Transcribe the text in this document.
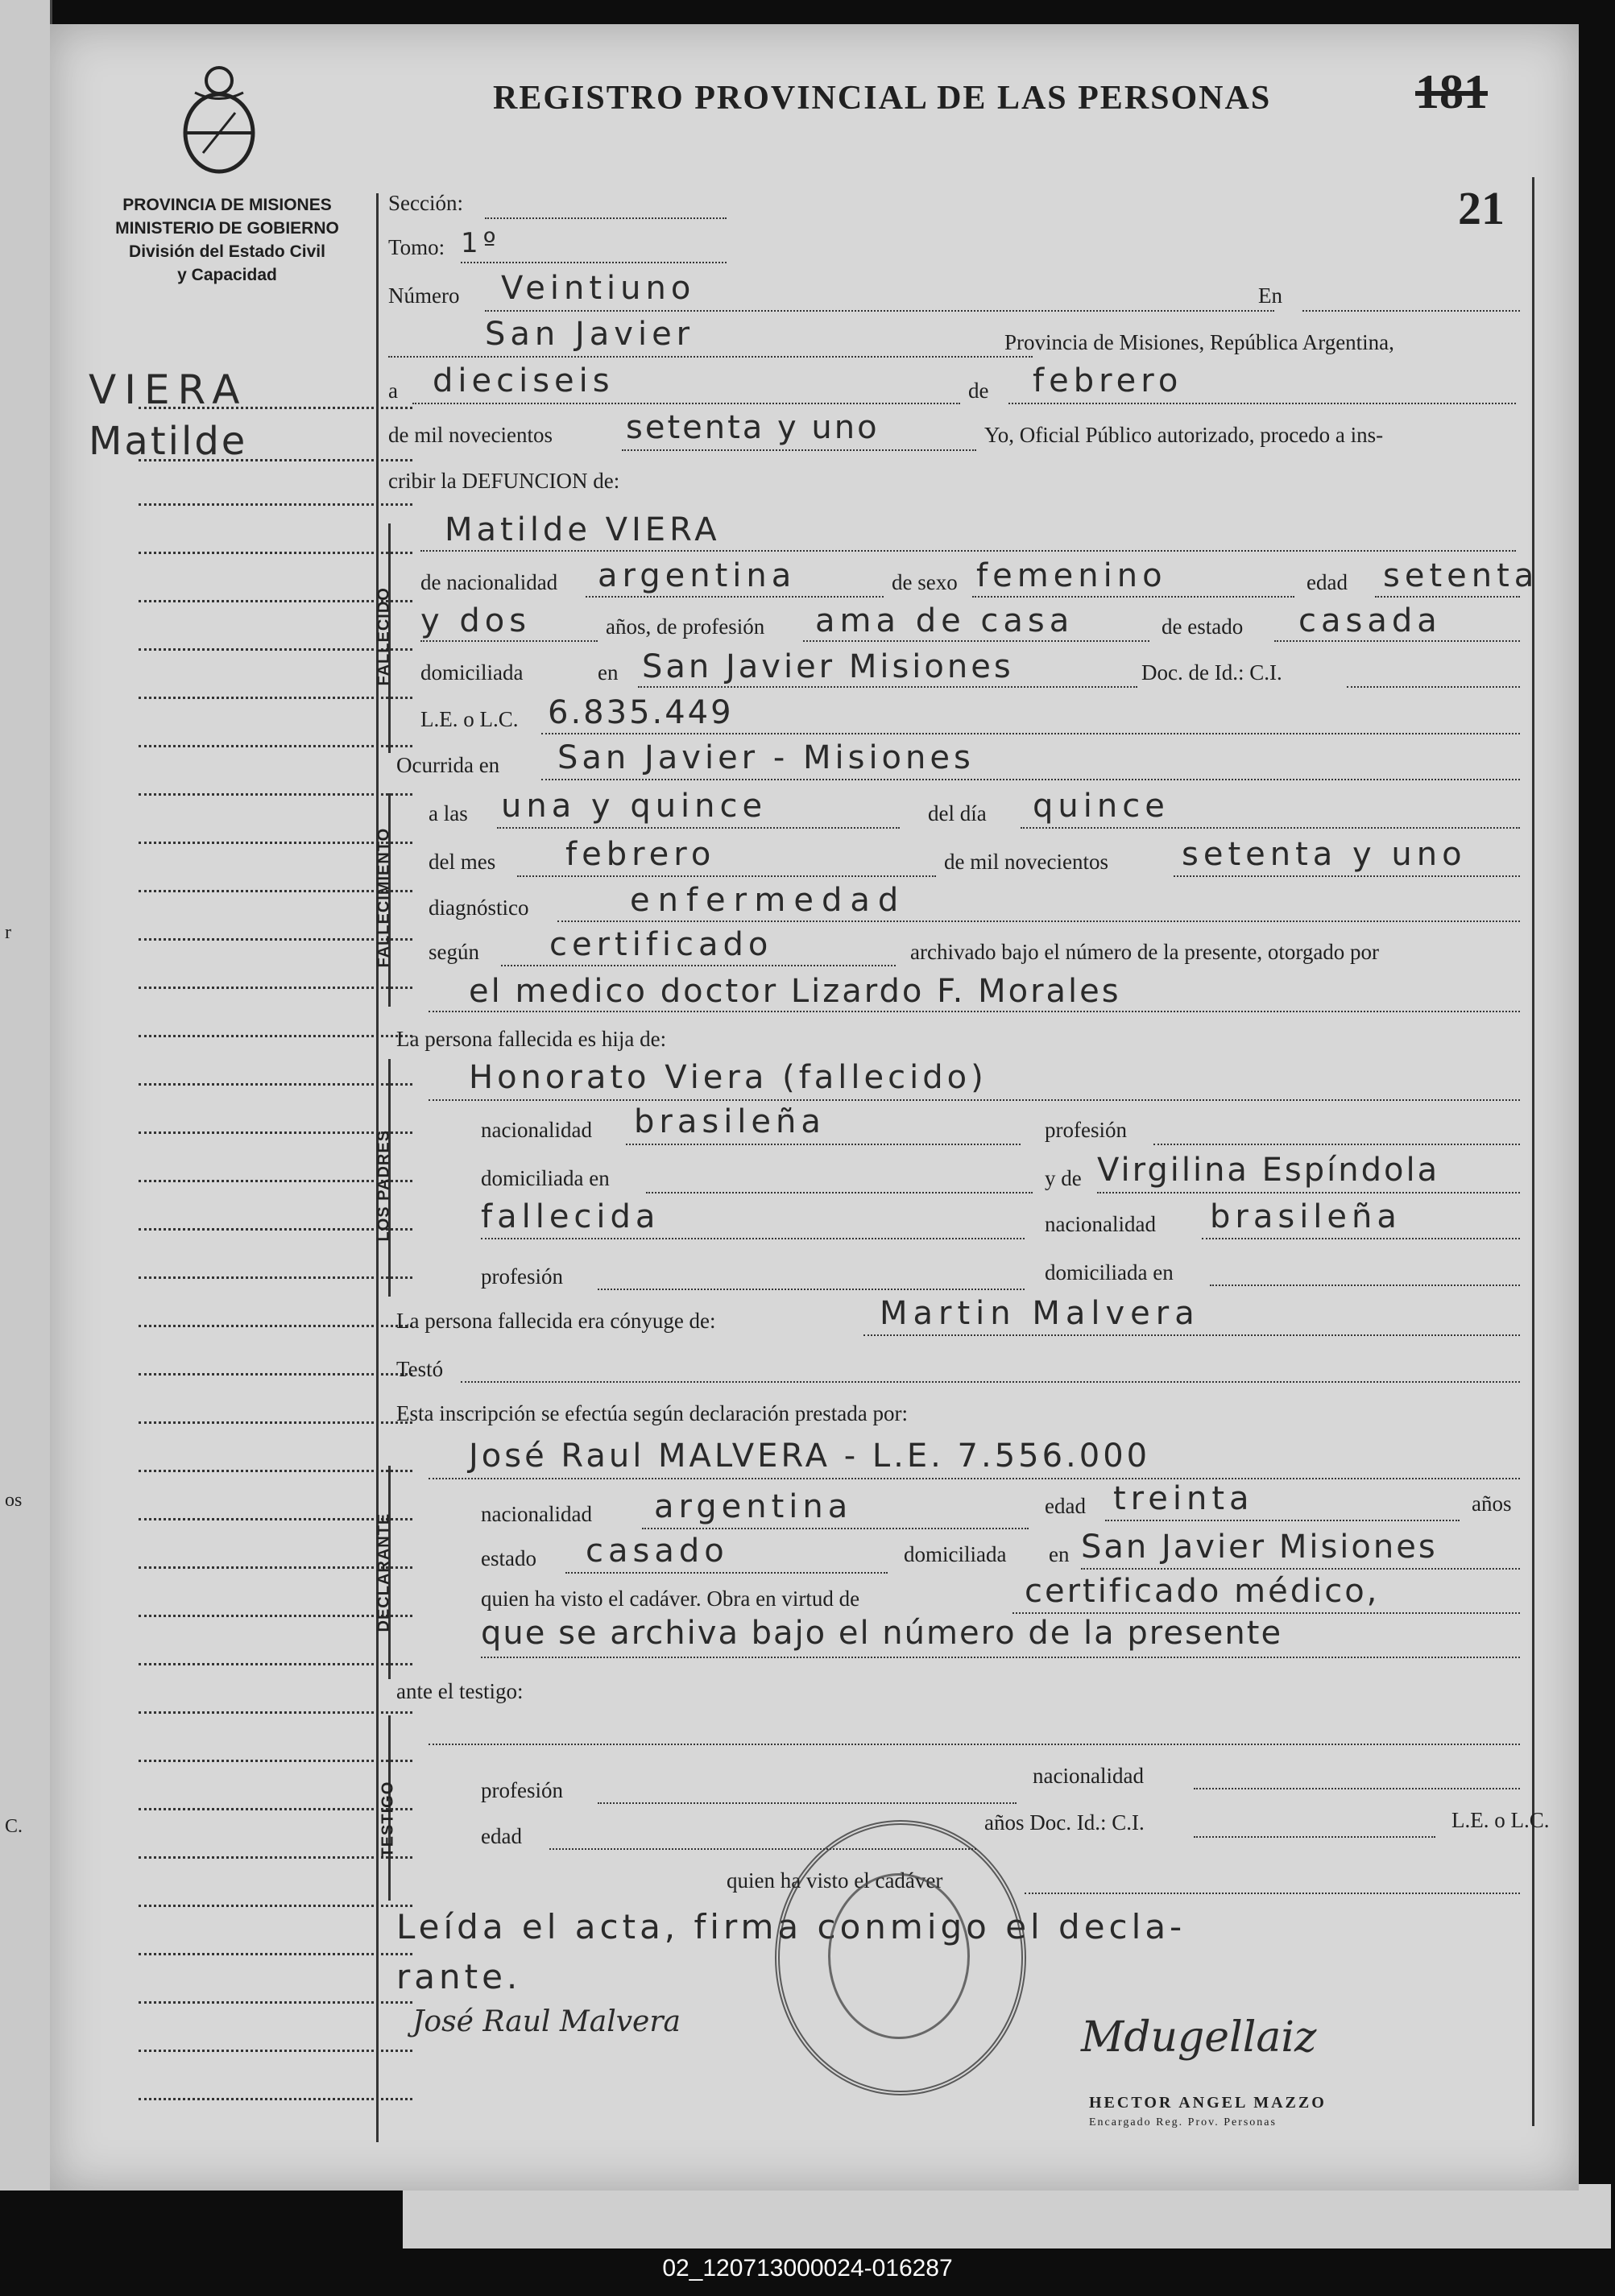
r
os
C.
REGISTRO PROVINCIAL DE LAS PERSONAS	181
21
PROVINCIA DE MISIONES
MINISTERIO DE GOBIERNO
División del Estado Civil
y Capacidad
VIERA
Matilde
Sección:
Tomo: 1º
Número Veintiuno	En
San Javier	Provincia de Misiones, República Argentina,
a dieciseis	de febrero
de mil novecientos setenta y uno	Yo, Oficial Público autorizado, procedo a ins-
cribir la DEFUNCION de:
FALLECIDO
Matilde VIERA
de nacionalidad argentina	de sexo femenino	edad setenta
y dos	años, de profesión ama de casa	de estado casada
domiciliada	en San Javier Misiones	Doc. de Id.: C.I.
L.E. o L.C. 6.835.449
Ocurrida en San Javier - Misiones
FALLECIMIENTO
a las una y quince	del día quince
del mes febrero	de mil novecientos setenta y uno
diagnóstico	enfermedad
según certificado	archivado bajo el número de la presente, otorgado por
el medico doctor Lizardo F. Morales
La persona fallecida es hija de:
LOS PADRES
Honorato Viera (fallecido)
nacionalidad brasileña	profesión
domiciliada en	y de Virgilina Espíndola
fallecida	nacionalidad brasileña
profesión	domiciliada en
La persona fallecida era cónyuge de:	Martin Malvera
Testó
Esta inscripción se efectúa según declaración prestada por:
DECLARANTE
José Raul MALVERA - L.E. 7.556.000
nacionalidad argentina	edad treinta	años
estado casado	domiciliada en San Javier Misiones
quien ha visto el cadáver. Obra en virtud de	certificado médico,
que se archiva bajo el número de la presente
ante el testigo:
TESTIGO	profesión
nacionalidad
edad
años Doc. Id.: C.I.	L.E. o L.C.
quien ha visto el cadáver
Leída el acta, firma conmigo el decla-
rante.
José Raul Malvera	Mdugellaiz
HECTOR ANGEL MAZZO
Encargado Reg. Prov. Personas
02_120713000024-016287
